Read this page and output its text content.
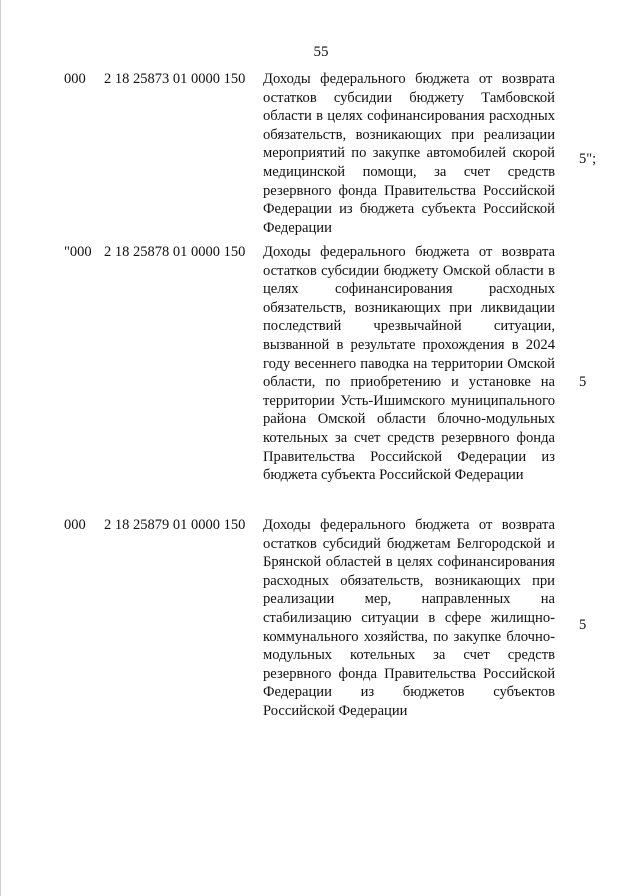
55
000 2 18 25873 01 0000 150 Доходы федерального бюджета от возврата остатков субсидии бюджету Тамбовской области в целях софинансирования расходных обязательств, возникающих при реализации мероприятий по закупке автомобилей скорой медицинской помощи, за счет средств резервного фонда Правительства Российской Федерации из бюджета субъекта Российской Федерации
5";
"000 2 18 25878 01 0000 150 Доходы федерального бюджета от возврата остатков субсидии бюджету Омской области в целях софинансирования расходных обязательств, возникающих при ликвидации последствий чрезвычайной ситуации, вызванной в результате прохождения в 2024 году весеннего паводка на территории Омской области, по приобретению и установке на территории Усть-Ишимского муниципального района Омской области блочно-модульных котельных за счет средств резервного фонда Правительства Российской Федерации из бюджета субъекта Российской Федерации
5
000 2 18 25879 01 0000 150 Доходы федерального бюджета от возврата остатков субсидий бюджетам Белгородской и Брянской областей в целях софинансирования расходных обязательств, возникающих при реализации мер, направленных на стабилизацию ситуации в сфере жилищно-коммунального хозяйства, по закупке блочно-модульных котельных за счет средств резервного фонда Правительства Российской Федерации из бюджетов субъектов Российской Федерации
5
